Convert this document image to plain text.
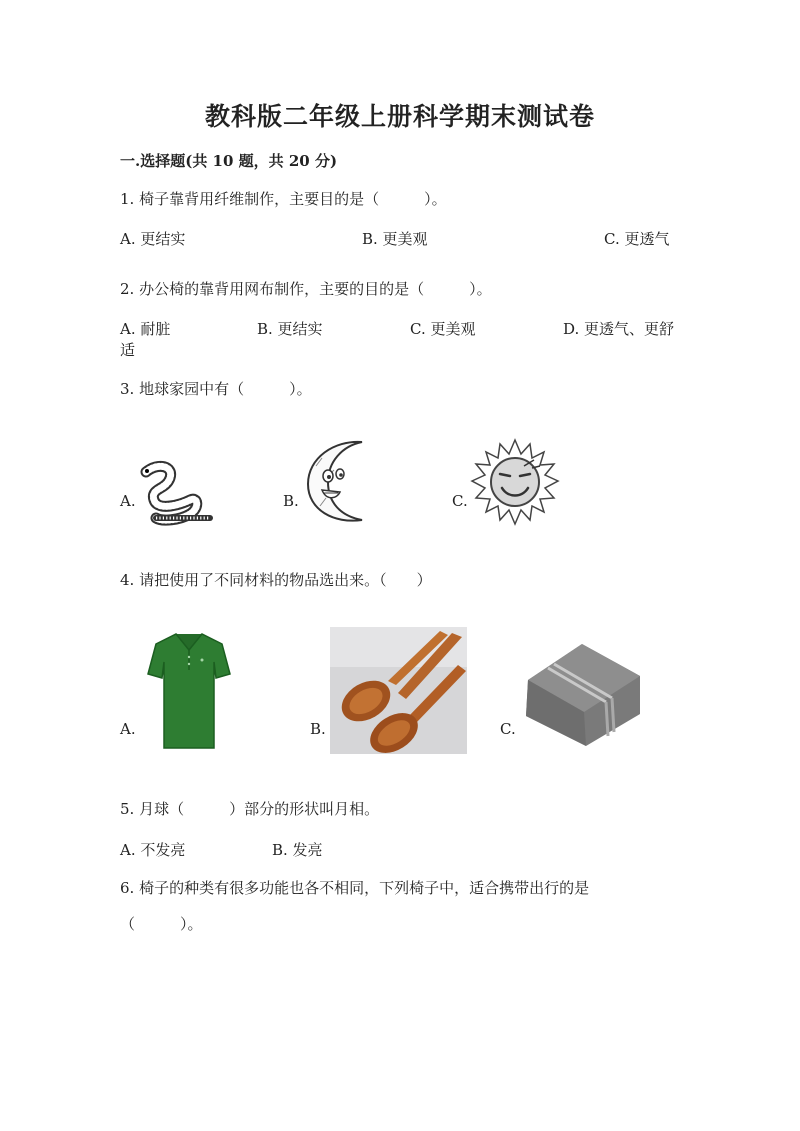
教科版二年级上册科学期末测试卷
一.选择题(共 10 题，共 20 分)
1. 椅子靠背用纤维制作，主要目的是（　　　）。
A. 更结实	B. 更美观	C. 更透气
2. 办公椅的靠背用网布制作，主要的目的是（　　　）。
A. 耐脏	B. 更结实	C. 更美观	D. 更透气、更舒
适
3. 地球家园中有（　　　）。
A.	B.	C.
4. 请把使用了不同材料的物品选出来。（　　）
A.	B.	C.
5. 月球（　　　）部分的形状叫月相。
A. 不发亮	B. 发亮
6. 椅子的种类有很多功能也各不相同，下列椅子中，适合携带出行的是
（　　　）。
